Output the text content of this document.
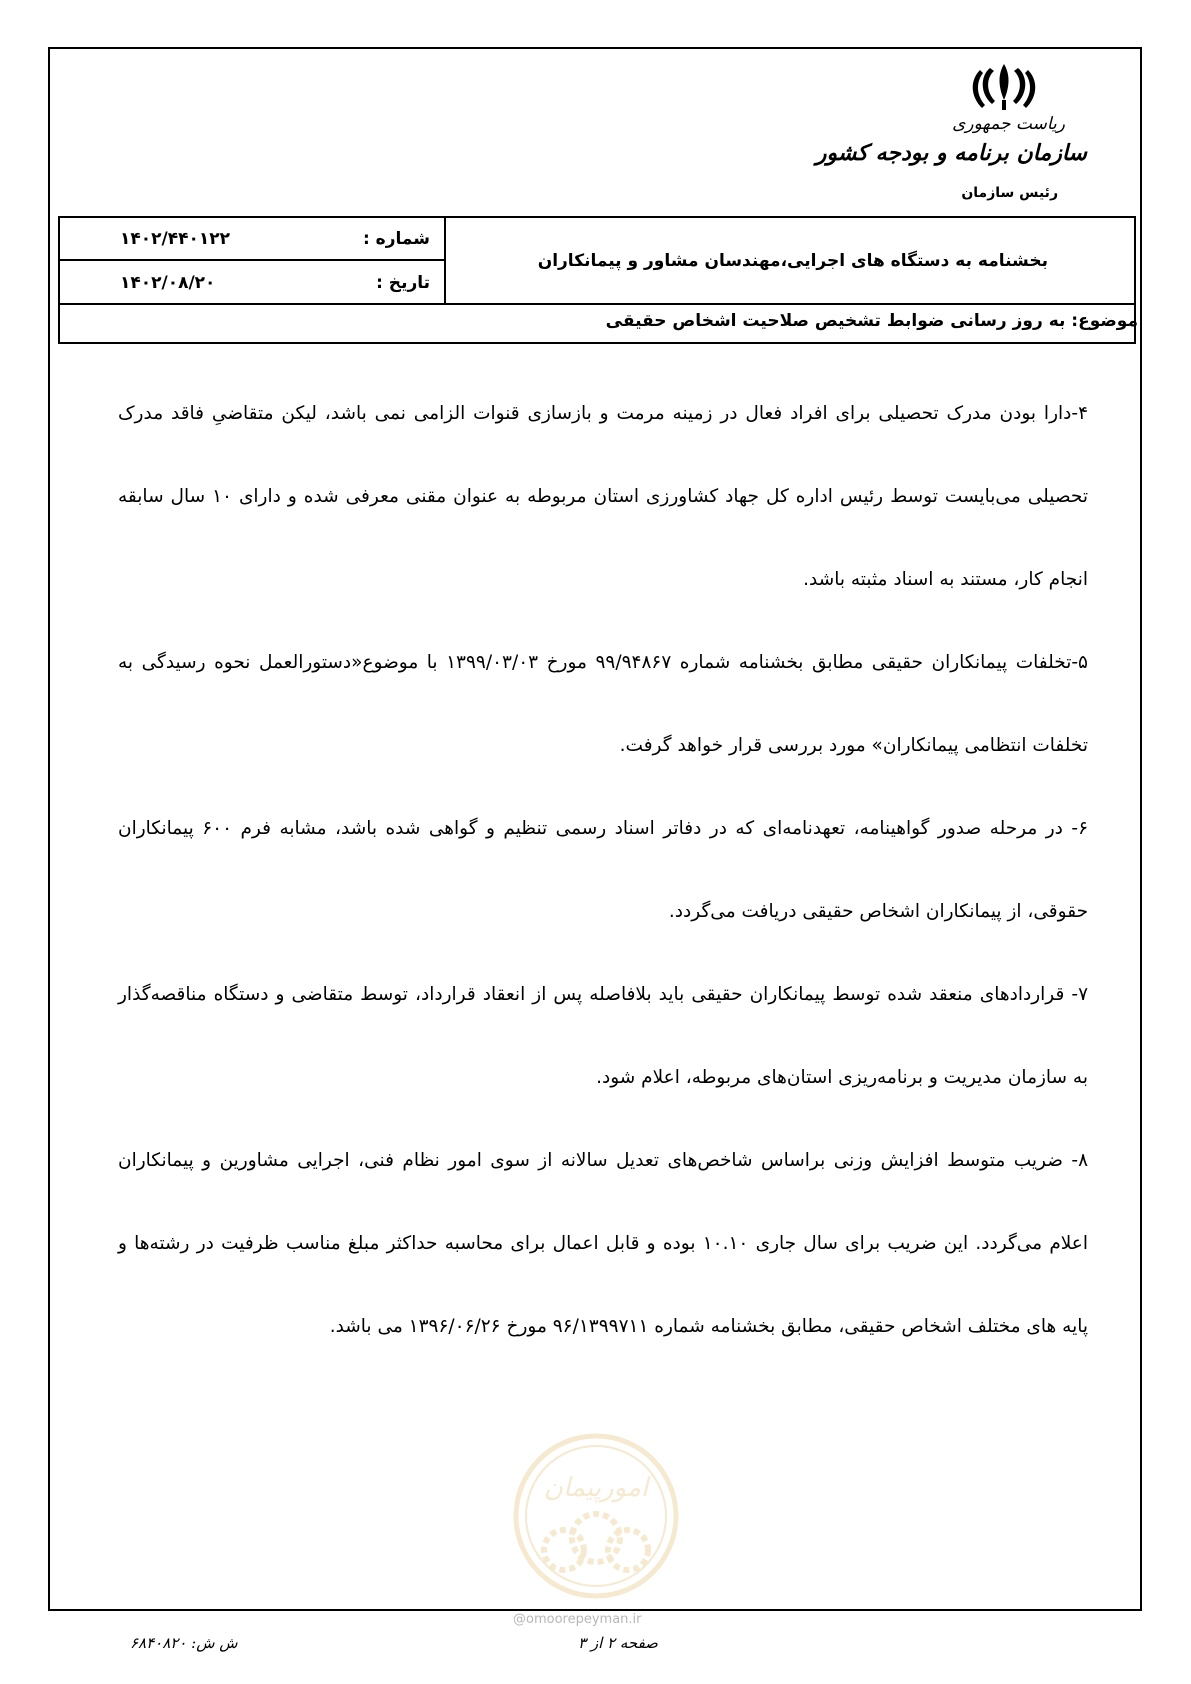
ریاست جمهوری
سازمان برنامه و بودجه کشور
رئیس سازمان
بخشنامه به دستگاه های اجرایی،مهندسان مشاور و پیمانکاران
شماره :
۱۴۰۲/۴۴۰۱۲۲
تاریخ :
۱۴۰۲/۰۸/۲۰
موضوع: به روز رسانی ضوابط تشخیص صلاحیت اشخاص حقیقی

۴-دارا بودن مدرک تحصیلی برای افراد فعال در زمینه مرمت و بازسازی قنوات الزامی نمی باشد، لیکن متقاضیِ فاقد مدرک تحصیلی می‌بایست توسط رئیس اداره کل جهاد کشاورزی استان مربوطه به عنوان مقنی معرفی شده و دارای ۱۰ سال سابقه انجام کار، مستند به اسناد مثبته باشد.

۵-تخلفات پیمانکاران حقیقی مطابق بخشنامه شماره ۹۹/۹۴۸۶۷ مورخ ۱۳۹۹/۰۳/۰۳ با موضوع«دستورالعمل نحوه رسیدگی به تخلفات انتظامی پیمانکاران» مورد بررسی قرار خواهد گرفت.

۶- در مرحله صدور گواهینامه، تعهدنامه‌ای که در دفاتر اسناد رسمی تنظیم و گواهی شده باشد، مشابه فرم ۶۰۰ پیمانکاران حقوقی، از پیمانکاران اشخاص حقیقی دریافت می‌گردد.

۷- قراردادهای منعقد شده توسط پیمانکاران حقیقی باید بلافاصله پس از انعقاد قرارداد، توسط متقاضی و دستگاه مناقصه‌گذار به سازمان مدیریت و برنامه‌ریزی استان‌های مربوطه، اعلام شود.

۸- ضریب متوسط افزایش وزنی براساس شاخص‌های تعدیل سالانه از سوی امور نظام فنی، اجرایی مشاورین و پیمانکاران اعلام می‌گردد. این ضریب برای سال جاری ۱۰.۱۰ بوده و قابل اعمال برای محاسبه حداکثر مبلغ مناسب ظرفیت در رشته‌ها و پایه های مختلف اشخاص حقیقی، مطابق بخشنامه شماره ۹۶/۱۳۹۹۷۱۱ مورخ ۱۳۹۶/۰۶/۲۶ می باشد.

امورپیمان
@omoorepeyman.ir
ش ش: ۶۸۴۰۸۲۰	صفحه ۲ از ۳
